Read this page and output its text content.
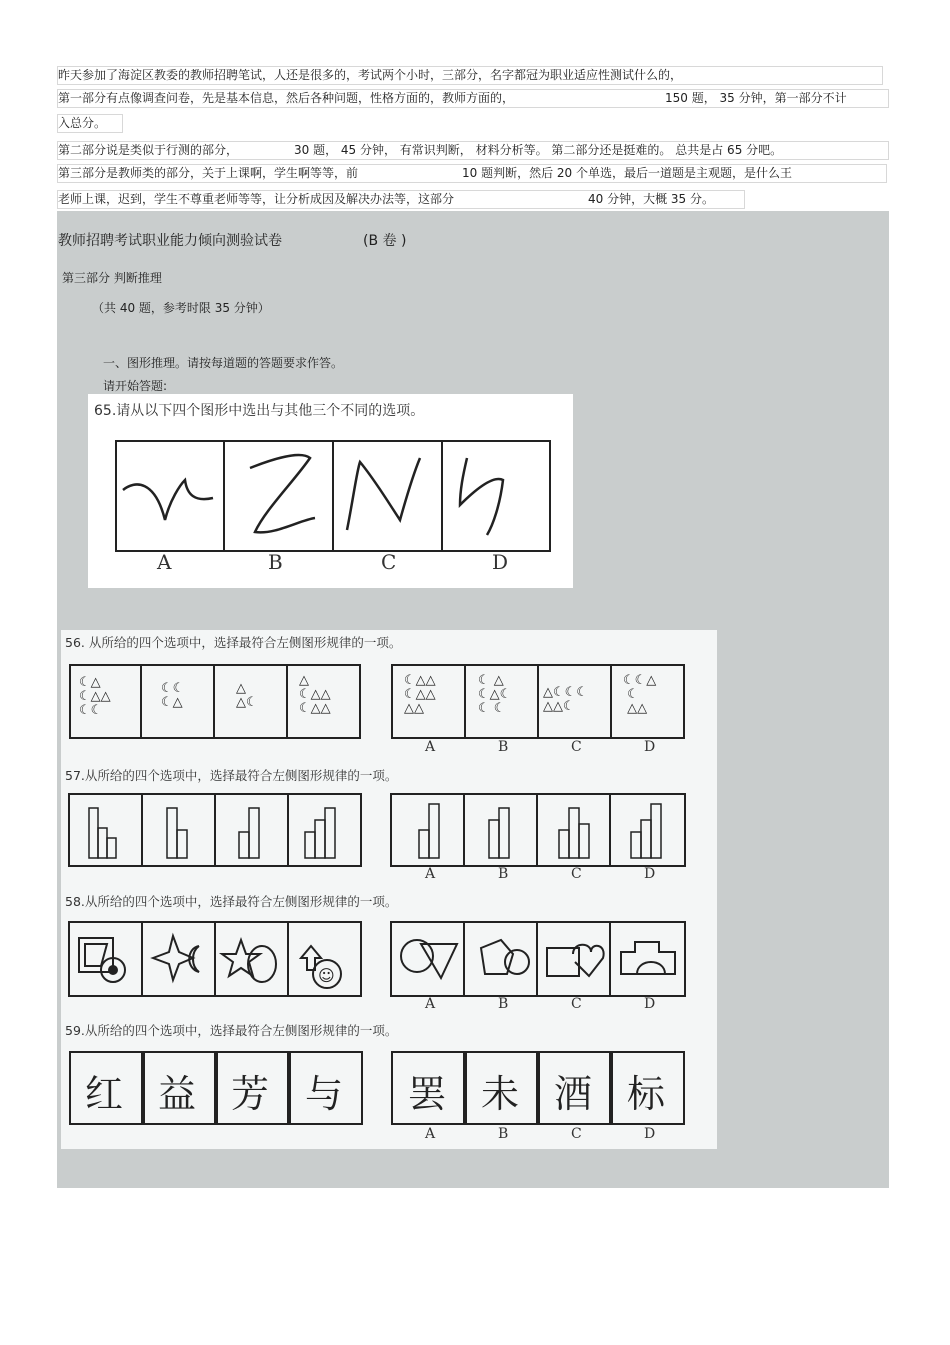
昨天参加了海淀区教委的教师招聘笔试，人还是很多的，考试两个小时，三部分，名字都冠为职业适应性测试什么的，
第一部分有点像调查问卷，先是基本信息，然后各种问题，性格方面的，教师方面的，	150 题， 35 分钟，第一部分不计
入总分。
第二部分说是类似于行测的部分，	30 题， 45 分钟， 有常识判断， 材料分析等。 第二部分还是挺难的。 总共是占 65 分吧。
第三部分是教师类的部分，关于上课啊，学生啊等等，前	10 题判断，然后 20 个单选，最后一道题是主观题，是什么王
老师上课，迟到，学生不尊重老师等等，让分析成因及解决办法等，这部分	40 分钟，大概 35 分。
教师招聘考试职业能力倾向测验试卷	(B 卷 )
第三部分 判断推理
（共 40 题，参考时限 35 分钟）
一、图形推理。请按每道题的答题要求作答。
请开始答题:
65.请从以下四个图形中选出与其他三个不同的选项。
A	B	C	D
56. 从所给的四个选项中，选择最符合左侧图形规律的一项。
☾△
☾△△
☾☾
☾☾
☾△
△
△☾
△
☾△△
☾△△
☾△△
☾△△
△△
☾ △
☾△☾
☾ ☾
△☾☾☾
△△☾
☾☾△
☾
△△
A	B	C	D
57.从所给的四个选项中，选择最符合左侧图形规律的一项。
A	B	C	D
58.从所给的四个选项中，选择最符合左侧图形规律的一项。
☺
A	B	C	D
59.从所给的四个选项中，选择最符合左侧图形规律的一项。
红 益 芳 与 罢 未 酒 标
A	B	C	D
